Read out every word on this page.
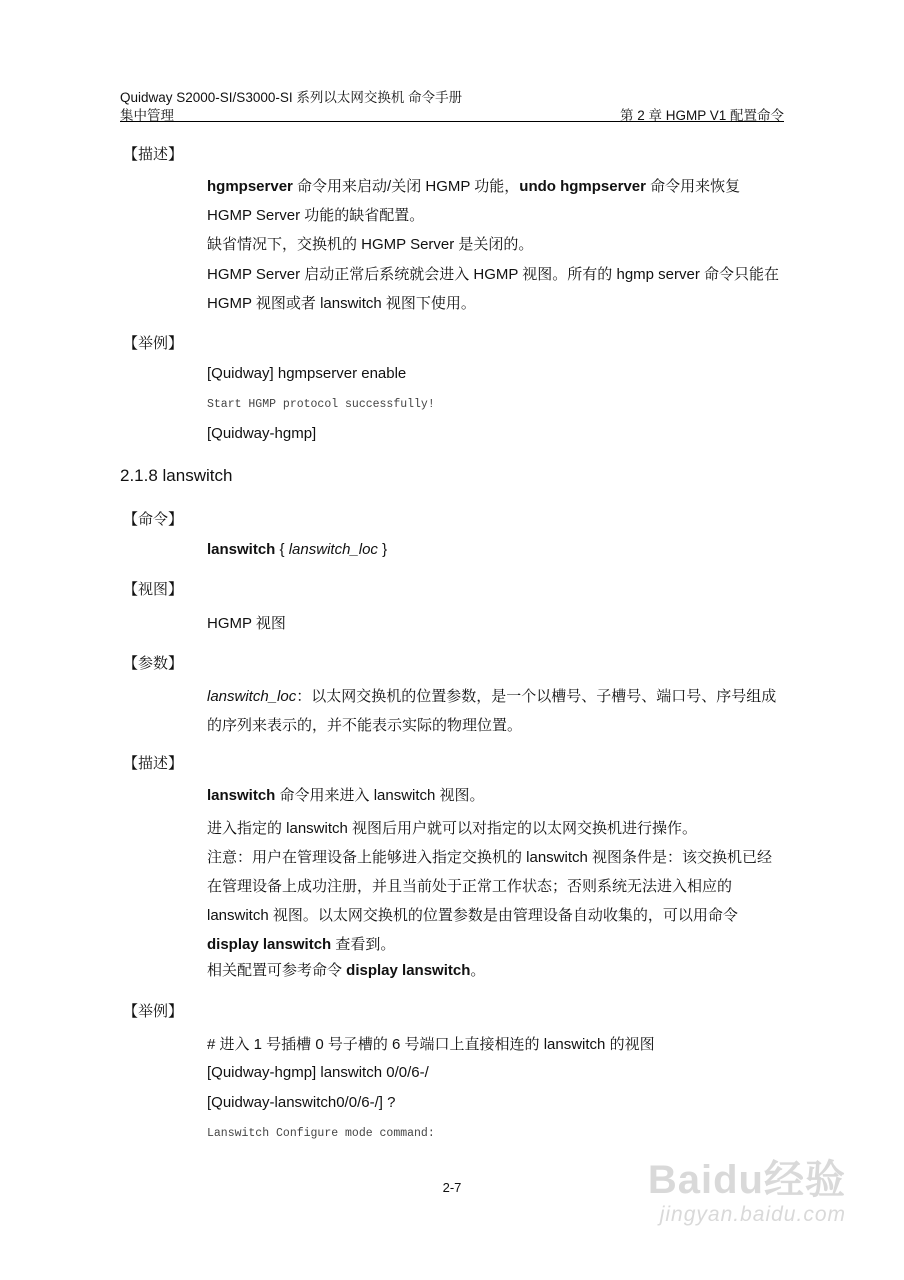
Quidway S2000-SI/S3000-SI 系列以太网交换机 命令手册
集中管理	第 2 章 HGMP V1 配置命令
【描述】
hgmpserver 命令用来启动/关闭 HGMP 功能，undo hgmpserver 命令用来恢复 HGMP Server 功能的缺省配置。
缺省情况下，交换机的 HGMP Server 是关闭的。
HGMP Server 启动正常后系统就会进入 HGMP 视图。所有的 hgmp server 命令只能在 HGMP 视图或者 lanswitch 视图下使用。
【举例】
[Quidway] hgmpserver enable
Start HGMP protocol successfully!
[Quidway-hgmp]
2.1.8 lanswitch
【命令】
lanswitch { lanswitch_loc }
【视图】
HGMP 视图
【参数】
lanswitch_loc：以太网交换机的位置参数，是一个以槽号、子槽号、端口号、序号组成的序列来表示的，并不能表示实际的物理位置。
【描述】
lanswitch 命令用来进入 lanswitch 视图。
进入指定的 lanswitch 视图后用户就可以对指定的以太网交换机进行操作。
注意：用户在管理设备上能够进入指定交换机的 lanswitch 视图条件是：该交换机已经在管理设备上成功注册，并且当前处于正常工作状态；否则系统无法进入相应的 lanswitch 视图。以太网交换机的位置参数是由管理设备自动收集的，可以用命令 display lanswitch 查看到。
相关配置可参考命令 display lanswitch。
【举例】
# 进入 1 号插槽 0 号子槽的 6 号端口上直接相连的 lanswitch 的视图
[Quidway-hgmp] lanswitch 0/0/6-/
[Quidway-lanswitch0/0/6-/] ?
Lanswitch Configure mode command:
2-7	Baidu经验
jingyan.baidu.com
